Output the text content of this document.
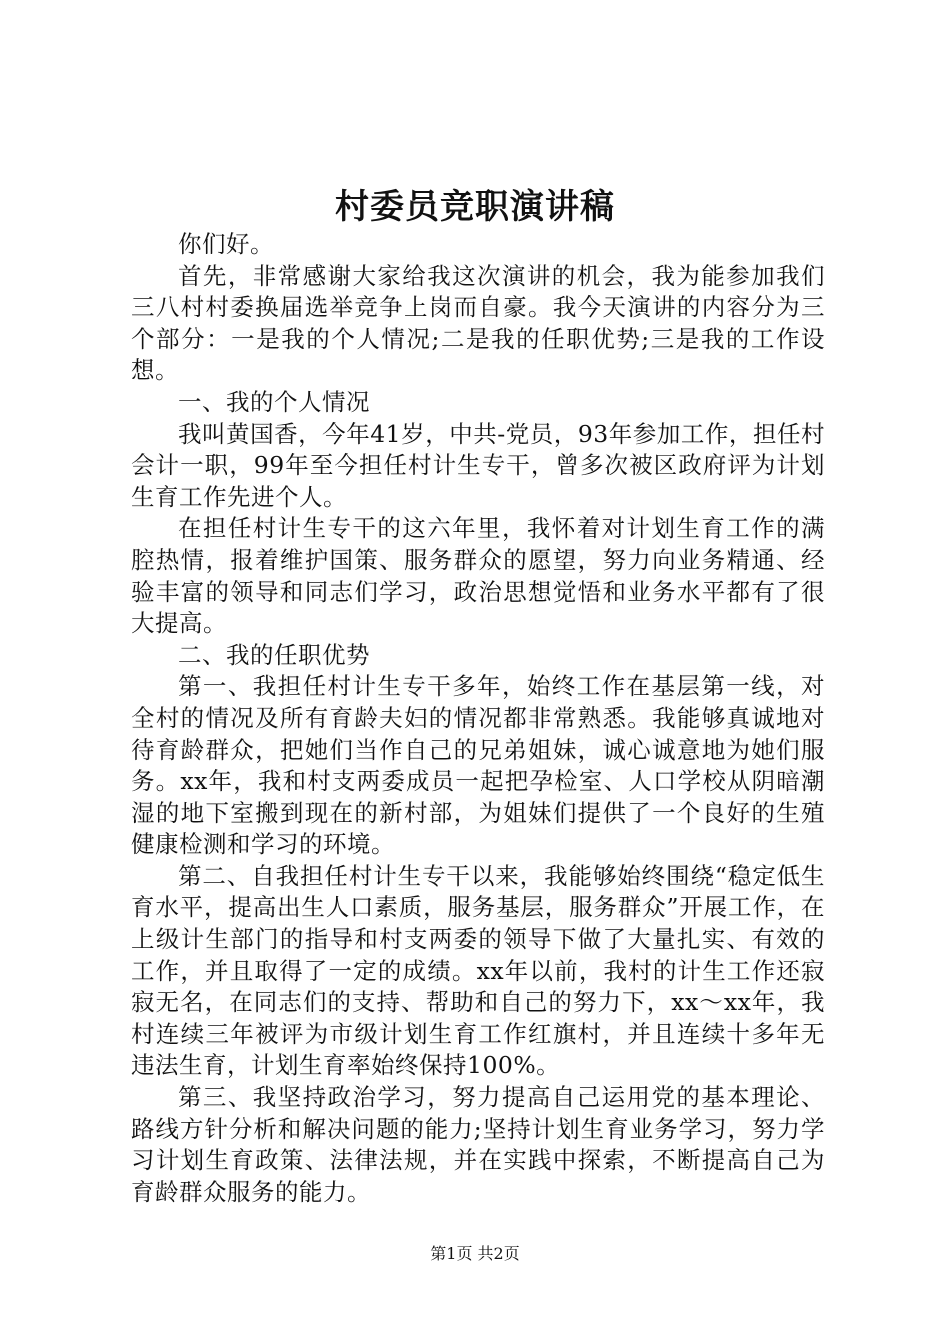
村委员竞职演讲稿

你们好。

首先，非常感谢大家给我这次演讲的机会，我为能参加我们三八村村委换届选举竞争上岗而自豪。我今天演讲的内容分为三个部分：一是我的个人情况;二是我的任职优势;三是我的工作设想。

一、我的个人情况

我叫黄国香，今年41岁，中共-党员，93年参加工作，担任村会计一职，99年至今担任村计生专干，曾多次被区政府评为计划生育工作先进个人。

在担任村计生专干的这六年里，我怀着对计划生育工作的满腔热情，报着维护国策、服务群众的愿望，努力向业务精通、经验丰富的领导和同志们学习，政治思想觉悟和业务水平都有了很大提高。

二、我的任职优势

第一、我担任村计生专干多年，始终工作在基层第一线，对全村的情况及所有育龄夫妇的情况都非常熟悉。我能够真诚地对待育龄群众，把她们当作自己的兄弟姐妹，诚心诚意地为她们服务。xx年，我和村支两委成员一起把孕检室、人口学校从阴暗潮湿的地下室搬到现在的新村部，为姐妹们提供了一个良好的生殖健康检测和学习的环境。

第二、自我担任村计生专干以来，我能够始终围绕“稳定低生育水平，提高出生人口素质，服务基层，服务群众”开展工作，在上级计生部门的指导和村支两委的领导下做了大量扎实、有效的工作，并且取得了一定的成绩。xx年以前，我村的计生工作还寂寂无名，在同志们的支持、帮助和自己的努力下，xx～xx年，我村连续三年被评为市级计划生育工作红旗村，并且连续十多年无违法生育，计划生育率始终保持100%。

第三、我坚持政治学习，努力提高自己运用党的基本理论、路线方针分析和解决问题的能力;坚持计划生育业务学习，努力学习计划生育政策、法律法规，并在实践中探索，不断提高自己为育龄群众服务的能力。

第1页 共2页
